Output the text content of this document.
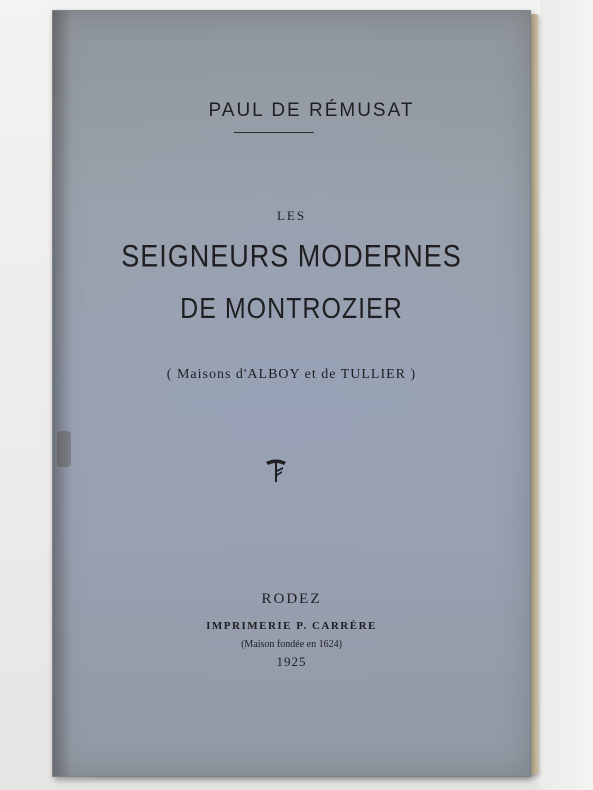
PAUL DE RÉMUSAT
LES
SEIGNEURS MODERNES
DE MONTROZIER
( Maisons d'ALBOY et de TULLIER )
RODEZ
IMPRIMERIE P. CARRÈRE
(Maison fondée en 1624)
1925
